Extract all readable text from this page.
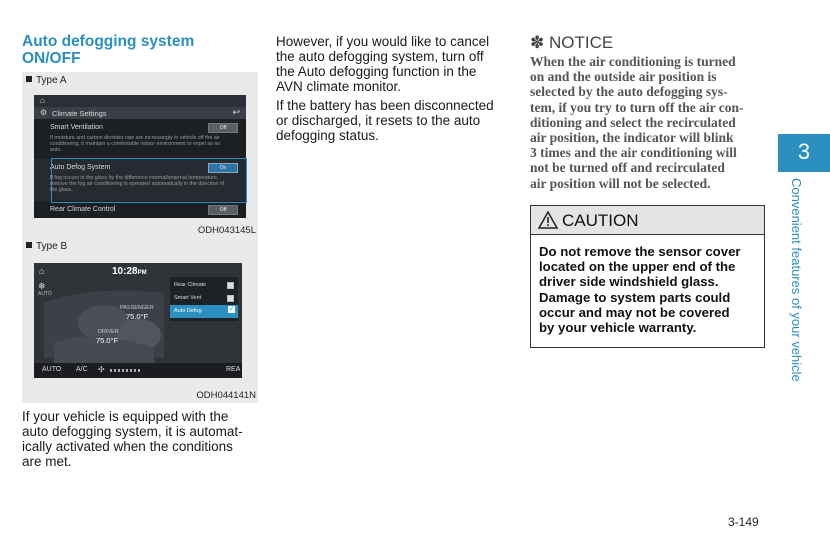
Auto defogging system
ON/OFF
Type A
⌂
⚙ Climate Settings	↩
Smart Ventilation	Off
If moisture and carbon dioxides rate are increasingly in vehicle off the air conditioning, it maintain a comfortable indoor environment to expel as an auto.
Auto Defog System	On
If fog occurs in the glass by the difference internal/external temperature, remove the fog air conditioning is operated automatically in the direction of the glass.
Rear Climate Control	Off
ODH043145L
Type B
⌂	10:28PM
❄
AUTO
PASSENGER
75.0°F
DRIVER
75.0°F
Rear Climate
Smart Vent
Auto Defog	✓
AUTO A/C ✣	REA
ODH044141N
If your vehicle is equipped with the
auto defogging system, it is automat-
ically activated when the conditions
are met.
However, if you would like to cancel
the auto defogging system, turn off
the Auto defogging function in the
AVN climate monitor.
If the battery has been disconnected
or discharged, it resets to the auto
defogging status.
✽ NOTICE
When the air conditioning is turned
on and the outside air position is
selected by the auto defogging sys-
tem, if you try to turn off the air con-
ditioning and select the recirculated
air position, the indicator will blink
3 times and the air conditioning will
not be turned off and recirculated
air position will not be selected.
CAUTION
Do not remove the sensor cover
located on the upper end of the
driver side windshield glass.
Damage to system parts could
occur and may not be covered
by your vehicle warranty.
3
Convenient features of your vehicle
3-149
